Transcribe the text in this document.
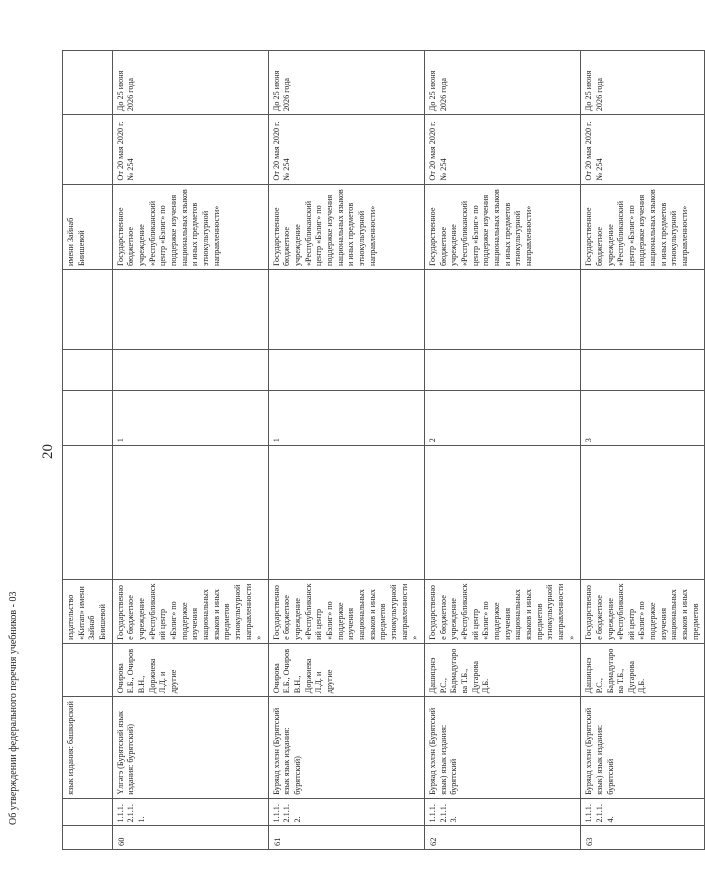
Об утверждении федерального перечня учебников - 03
20
		язык издания: башкирский		издательство «Китап» имени Зайнаб Биишевой					имени Зайнаб Биишевой		
60	1.1.1.2.1.1.1.	Үлгәгэ (Бурятский язык издания: бурятский)	Очирова Е.Б., Очиров В.Н., Доржиева Л.Д. и другие	Государственное бюджетное учреждение «Республиканский центр «Бэлиг» по поддержке изучения национальных языков и иных предметов этнокультурной направленности»		1			Государственное бюджетное учреждение «Республиканский центр «Бэлиг» по поддержке изучения национальных языков и иных предметов этнокультурной направленности»	От 20 мая 2020 г. № 254	До 25 июня 2026 года
61	1.1.1.2.1.1.2.	Буряад хэлэн (Бурятский язык язык издания: бурятский)	Очирова Е.Б., Очиров В.Н., Доржиева Л.Д. и другие	Государственное бюджетное учреждение «Республиканский центр «Бэлиг» по поддержке изучения национальных языков и иных предметов этнокультурной направленности»		1			Государственное бюджетное учреждение «Республиканский центр «Бэлиг» по поддержке изучения национальных языков и иных предметов этнокультурной направленности»	От 20 мая 2020 г. № 254	До 25 июня 2026 года
62	1.1.1.2.1.1.3.	Буряад хэлэн (Бурятский язык) язык издания: бурятский	Дашицэнэ Р.С., Бадмадугарова Т.Б., Дугарова Д.Б.	Государственное бюджетное учреждение «Республиканский центр «Бэлиг» по поддержке изучения национальных языков и иных предметов этнокультурной направленности»		2			Государственное бюджетное учреждение «Республиканский центр «Бэлиг» по поддержке изучения национальных языков и иных предметов этнокультурной направленности»	От 20 мая 2020 г. № 254	До 25 июня 2026 года
63	1.1.1.2.1.1.4.	Буряад хэлэн (Бурятский язык) язык издания: бурятский	Дашицэнэ Р.С., Бадмадугарова Т.Б., Дугарова Д.Б.	Государственное бюджетное учреждение «Республиканский центр «Бэлиг» по поддержке изучения национальных языков и иных предметов		3			Государственное бюджетное учреждение «Республиканский центр «Бэлиг» по поддержке изучения национальных языков и иных предметов этнокультурной направленности»	От 20 мая 2020 г. № 254	До 25 июня 2026 года
